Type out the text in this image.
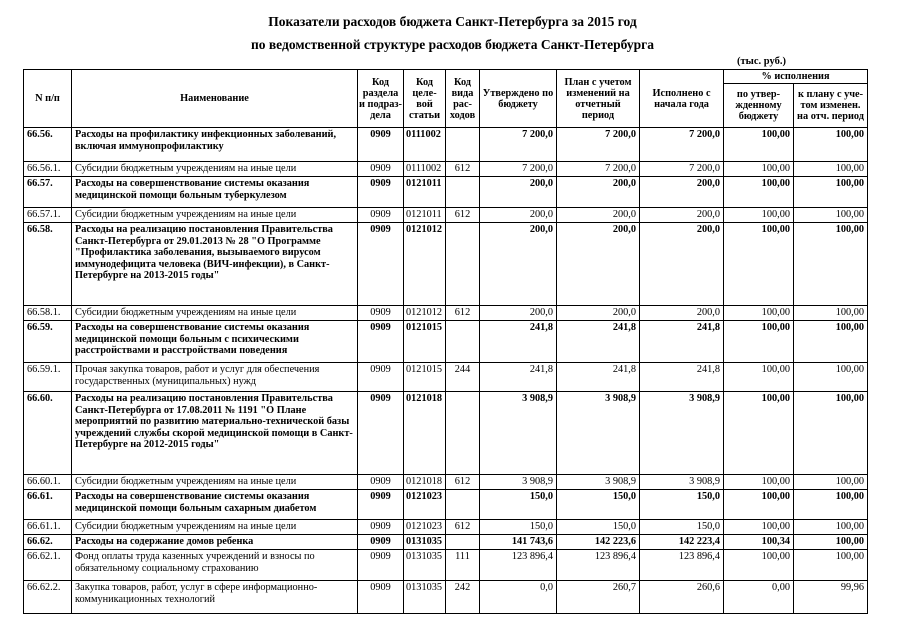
Показатели расходов бюджета Санкт-Петербурга за 2015 год
по ведомственной структуре расходов бюджета Санкт-Петербурга
(тыс. руб.)
N п/п	Наименование	Код раздела и подраз-дела	Код целе-вой статьи	Код вида рас-ходов	Утверждено по бюджету	План с учетом изменений на отчетный период	Исполнено с начала года	% исполнения	
								по утвер-жденному бюджету	к плану с уче-том изменен. на отч. период
66.56.	Расходы на профилактику инфекционных заболеваний, включая иммунопрофилактику	0909	0111002		7 200,0	7 200,0	7 200,0	100,00	100,00
66.56.1.	Субсидии бюджетным учреждениям на иные цели	0909	0111002	612	7 200,0	7 200,0	7 200,0	100,00	100,00
66.57.	Расходы на совершенствование системы оказания медицинской помощи больным туберкулезом	0909	0121011		200,0	200,0	200,0	100,00	100,00
66.57.1.	Субсидии бюджетным учреждениям на иные цели	0909	0121011	612	200,0	200,0	200,0	100,00	100,00
66.58.	Расходы на реализацию постановления Правительства Санкт-Петербурга от 29.01.2013 № 28 "О Программе "Профилактика заболевания, вызываемого вирусом иммунодефицита человека (ВИЧ-инфекции), в Санкт-Петербурге на 2013-2015 годы"	0909	0121012		200,0	200,0	200,0	100,00	100,00
66.58.1.	Субсидии бюджетным учреждениям на иные цели	0909	0121012	612	200,0	200,0	200,0	100,00	100,00
66.59.	Расходы на совершенствование системы оказания медицинской помощи больным с психическими расстройствами и расстройствами поведения	0909	0121015		241,8	241,8	241,8	100,00	100,00
66.59.1.	Прочая закупка товаров, работ и услуг для обеспечения государственных (муниципальных) нужд	0909	0121015	244	241,8	241,8	241,8	100,00	100,00
66.60.	Расходы на реализацию постановления Правительства Санкт-Петербурга от 17.08.2011 № 1191 "О Плане мероприятий по развитию материально-технической базы учреждений службы скорой медицинской помощи в Санкт-Петербурге на 2012-2015 годы"	0909	0121018		3 908,9	3 908,9	3 908,9	100,00	100,00
66.60.1.	Субсидии бюджетным учреждениям на иные цели	0909	0121018	612	3 908,9	3 908,9	3 908,9	100,00	100,00
66.61.	Расходы на совершенствование системы оказания медицинской помощи больным сахарным диабетом	0909	0121023		150,0	150,0	150,0	100,00	100,00
66.61.1.	Субсидии бюджетным учреждениям на иные цели	0909	0121023	612	150,0	150,0	150,0	100,00	100,00
66.62.	Расходы на содержание домов ребенка	0909	0131035		141 743,6	142 223,6	142 223,4	100,34	100,00
66.62.1.	Фонд оплаты труда казенных учреждений и взносы по обязательному социальному страхованию	0909	0131035	111	123 896,4	123 896,4	123 896,4	100,00	100,00
66.62.2.	Закупка товаров, работ, услуг в сфере информационно-коммуникационных технологий	0909	0131035	242	0,0	260,7	260,6	0,00	99,96
